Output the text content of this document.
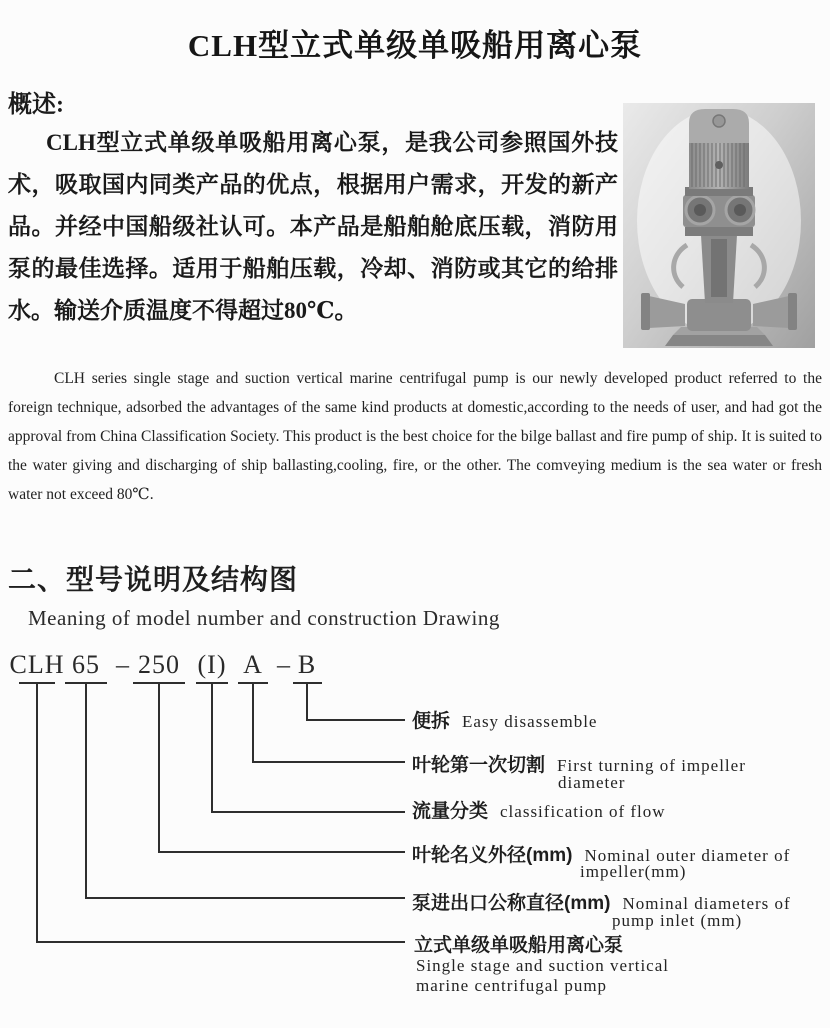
CLH型立式单级单吸船用离心泵
概述:

CLH型立式单级单吸船用离心泵，是我公司参照国外技术，吸取国内同类产品的优点，根据用户需求，开发的新产品。并经中国船级社认可。本产品是船舶舱底压载，消防用泵的最佳选择。适用于船舶压载，冷却、消防或其它的给排水。输送介质温度不得超过80℃。

CLH series single stage and suction vertical marine centrifugal pump is our newly developed product referred to the foreign technique, adsorbed the advantages of the same kind products at domestic,according to the needs of user, and had got the approval from China Classification Society. This product is the best choice for the bilge ballast and fire pump of ship. It is suited to the water giving and discharging of ship ballasting,cooling, fire, or the other. The comveying medium is the sea water or fresh water not exceed 80℃.

二、型号说明及结构图
Meaning of model number and construction Drawing
CLH 65 – 250 (I) A – B
便拆 Easy disassemble
叶轮第一次切割 First turning of impeller
diameter
流量分类 classification of flow
叶轮名义外径(mm) Nominal outer diameter of
impeller(mm)
泵进出口公称直径(mm) Nominal diameters of
pump inlet (mm)
立式单级单吸船用离心泵
Single stage and suction vertical
marine centrifugal pump
